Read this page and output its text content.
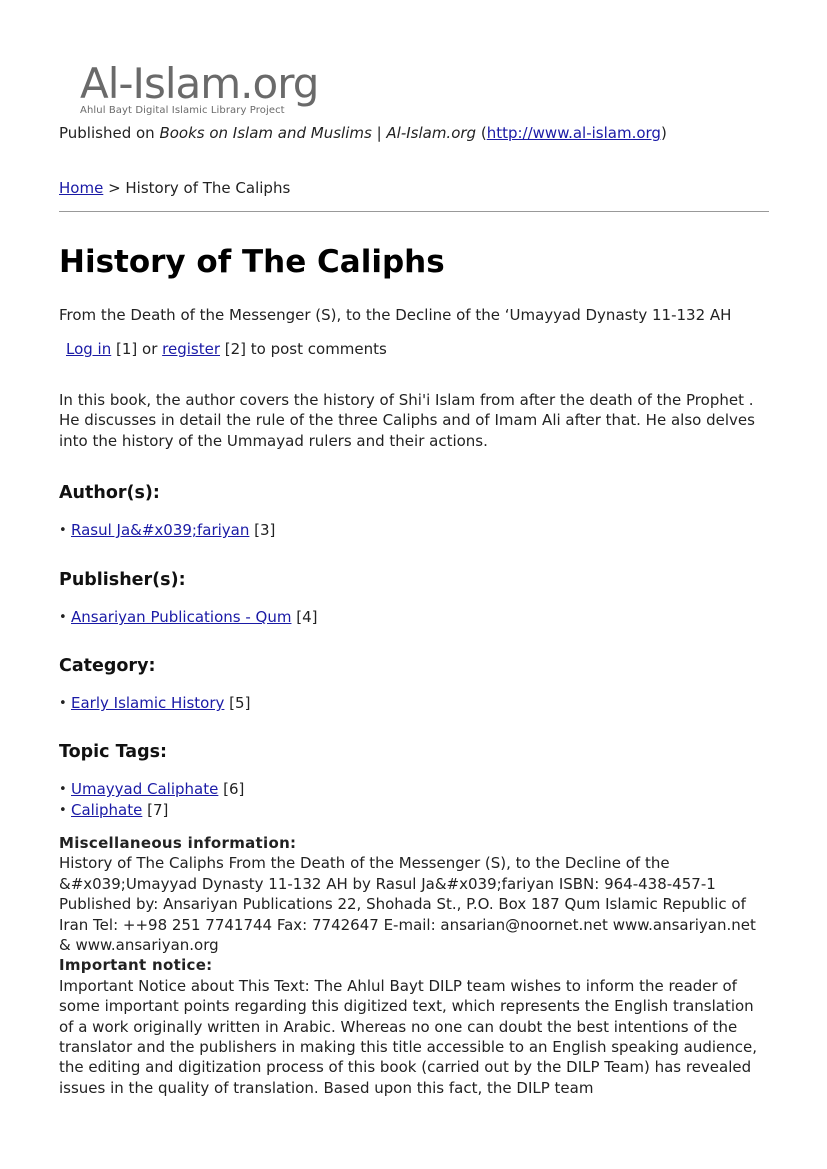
Al-Islam.org
Ahlul Bayt Digital Islamic Library Project
Published on Books on Islam and Muslims | Al-Islam.org (http://www.al-islam.org)
Home > History of The Caliphs
History of The Caliphs
From the Death of the Messenger (S), to the Decline of the ‘Umayyad Dynasty 11-132 AH
Log in [1] or register [2] to post comments
In this book, the author covers the history of Shi'i Islam from after the death of the Prophet . He discusses in detail the rule of the three Caliphs and of Imam Ali after that. He also delves into the history of the Ummayad rulers and their actions.
Author(s):
• Rasul Ja&#x039;fariyan [3]
Publisher(s):
• Ansariyan Publications - Qum [4]
Category:
• Early Islamic History [5]
Topic Tags:
• Umayyad Caliphate [6]
• Caliphate [7]
Miscellaneous information:
History of The Caliphs From the Death of the Messenger (S), to the Decline of the &#x039;Umayyad Dynasty 11-132 AH by Rasul Ja&#x039;fariyan ISBN: 964-438-457-1 Published by: Ansariyan Publications 22, Shohada St., P.O. Box 187 Qum Islamic Republic of Iran Tel: ++98 251 7741744 Fax: 7742647 E-mail: ansarian@noornet.net www.ansariyan.net & www.ansariyan.org
Important notice:
Important Notice about This Text: The Ahlul Bayt DILP team wishes to inform the reader of some important points regarding this digitized text, which represents the English translation of a work originally written in Arabic. Whereas no one can doubt the best intentions of the translator and the publishers in making this title accessible to an English speaking audience, the editing and digitization process of this book (carried out by the DILP Team) has revealed issues in the quality of translation. Based upon this fact, the DILP team
